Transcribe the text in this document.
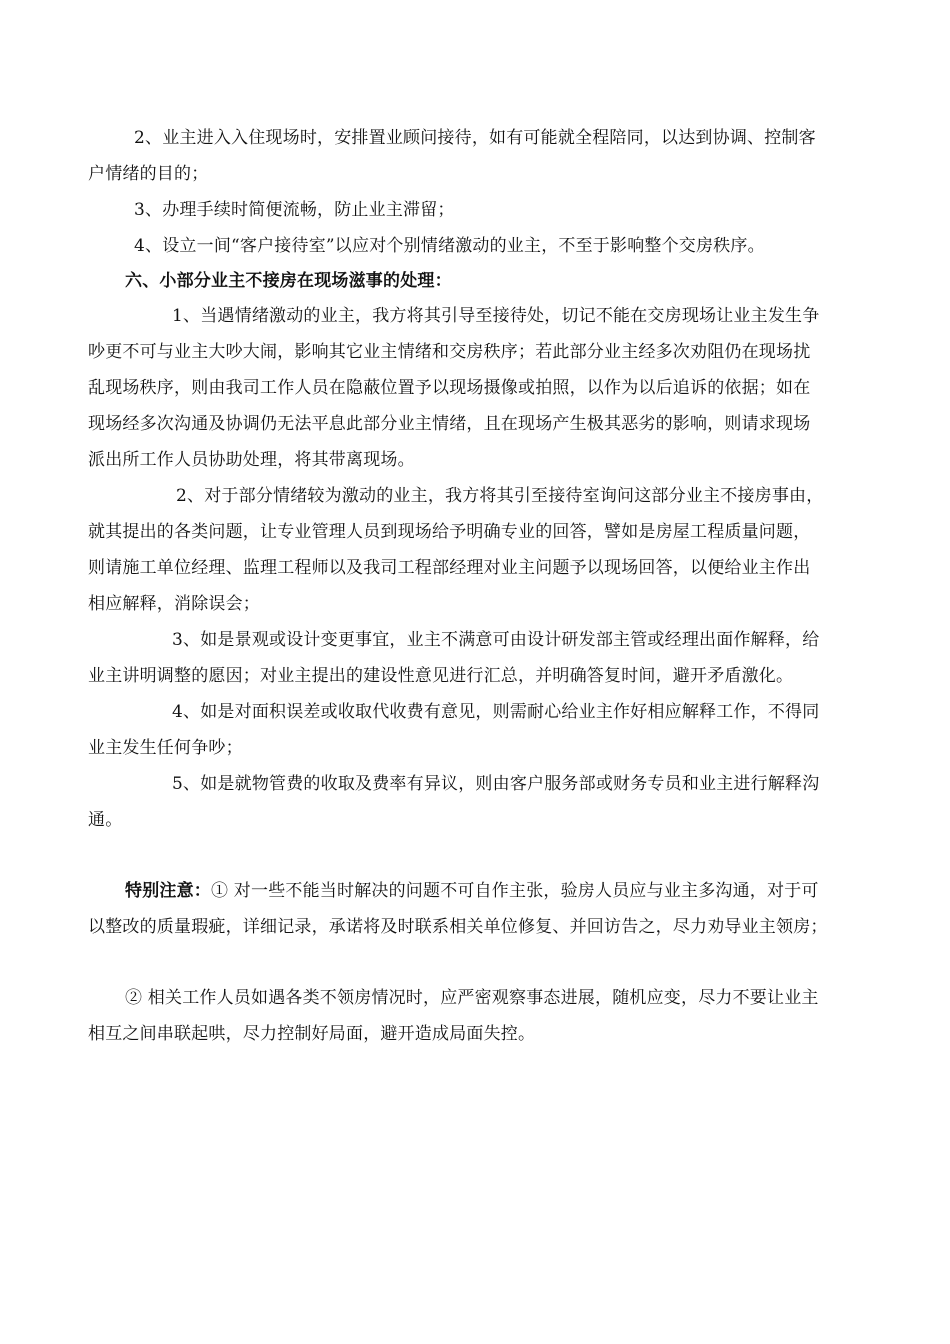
2、业主进入入住现场时，安排置业顾问接待，如有可能就全程陪同，以达到协调、控制客
户情绪的目的；
3、办理手续时简便流畅，防止业主滞留；
4、设立一间“客户接待室”以应对个别情绪激动的业主，不至于影响整个交房秩序。
六、小部分业主不接房在现场滋事的处理：
1、当遇情绪激动的业主，我方将其引导至接待处，切记不能在交房现场让业主发生争
吵更不可与业主大吵大闹，影响其它业主情绪和交房秩序；若此部分业主经多次劝阻仍在现场扰
乱现场秩序，则由我司工作人员在隐蔽位置予以现场摄像或拍照，以作为以后追诉的依据；如在
现场经多次沟通及协调仍无法平息此部分业主情绪，且在现场产生极其恶劣的影响，则请求现场
派出所工作人员协助处理，将其带离现场。
2、对于部分情绪较为激动的业主，我方将其引至接待室询问这部分业主不接房事由，
就其提出的各类问题，让专业管理人员到现场给予明确专业的回答，譬如是房屋工程质量问题，
则请施工单位经理、监理工程师以及我司工程部经理对业主问题予以现场回答，以便给业主作出
相应解释，消除误会；
3、如是景观或设计变更事宜，业主不满意可由设计研发部主管或经理出面作解释，给
业主讲明调整的愿因；对业主提出的建设性意见进行汇总，并明确答复时间，避开矛盾激化。
4、如是对面积误差或收取代收费有意见，则需耐心给业主作好相应解释工作，不得同
业主发生任何争吵；
5、如是就物管费的收取及费率有异议，则由客户服务部或财务专员和业主进行解释沟
通。
特别注意：① 对一些不能当时解决的问题不可自作主张，验房人员应与业主多沟通，对于可
以整改的质量瑕疵，详细记录，承诺将及时联系相关单位修复、并回访告之，尽力劝导业主领房；
② 相关工作人员如遇各类不领房情况时，应严密观察事态进展，随机应变，尽力不要让业主
相互之间串联起哄，尽力控制好局面，避开造成局面失控。
